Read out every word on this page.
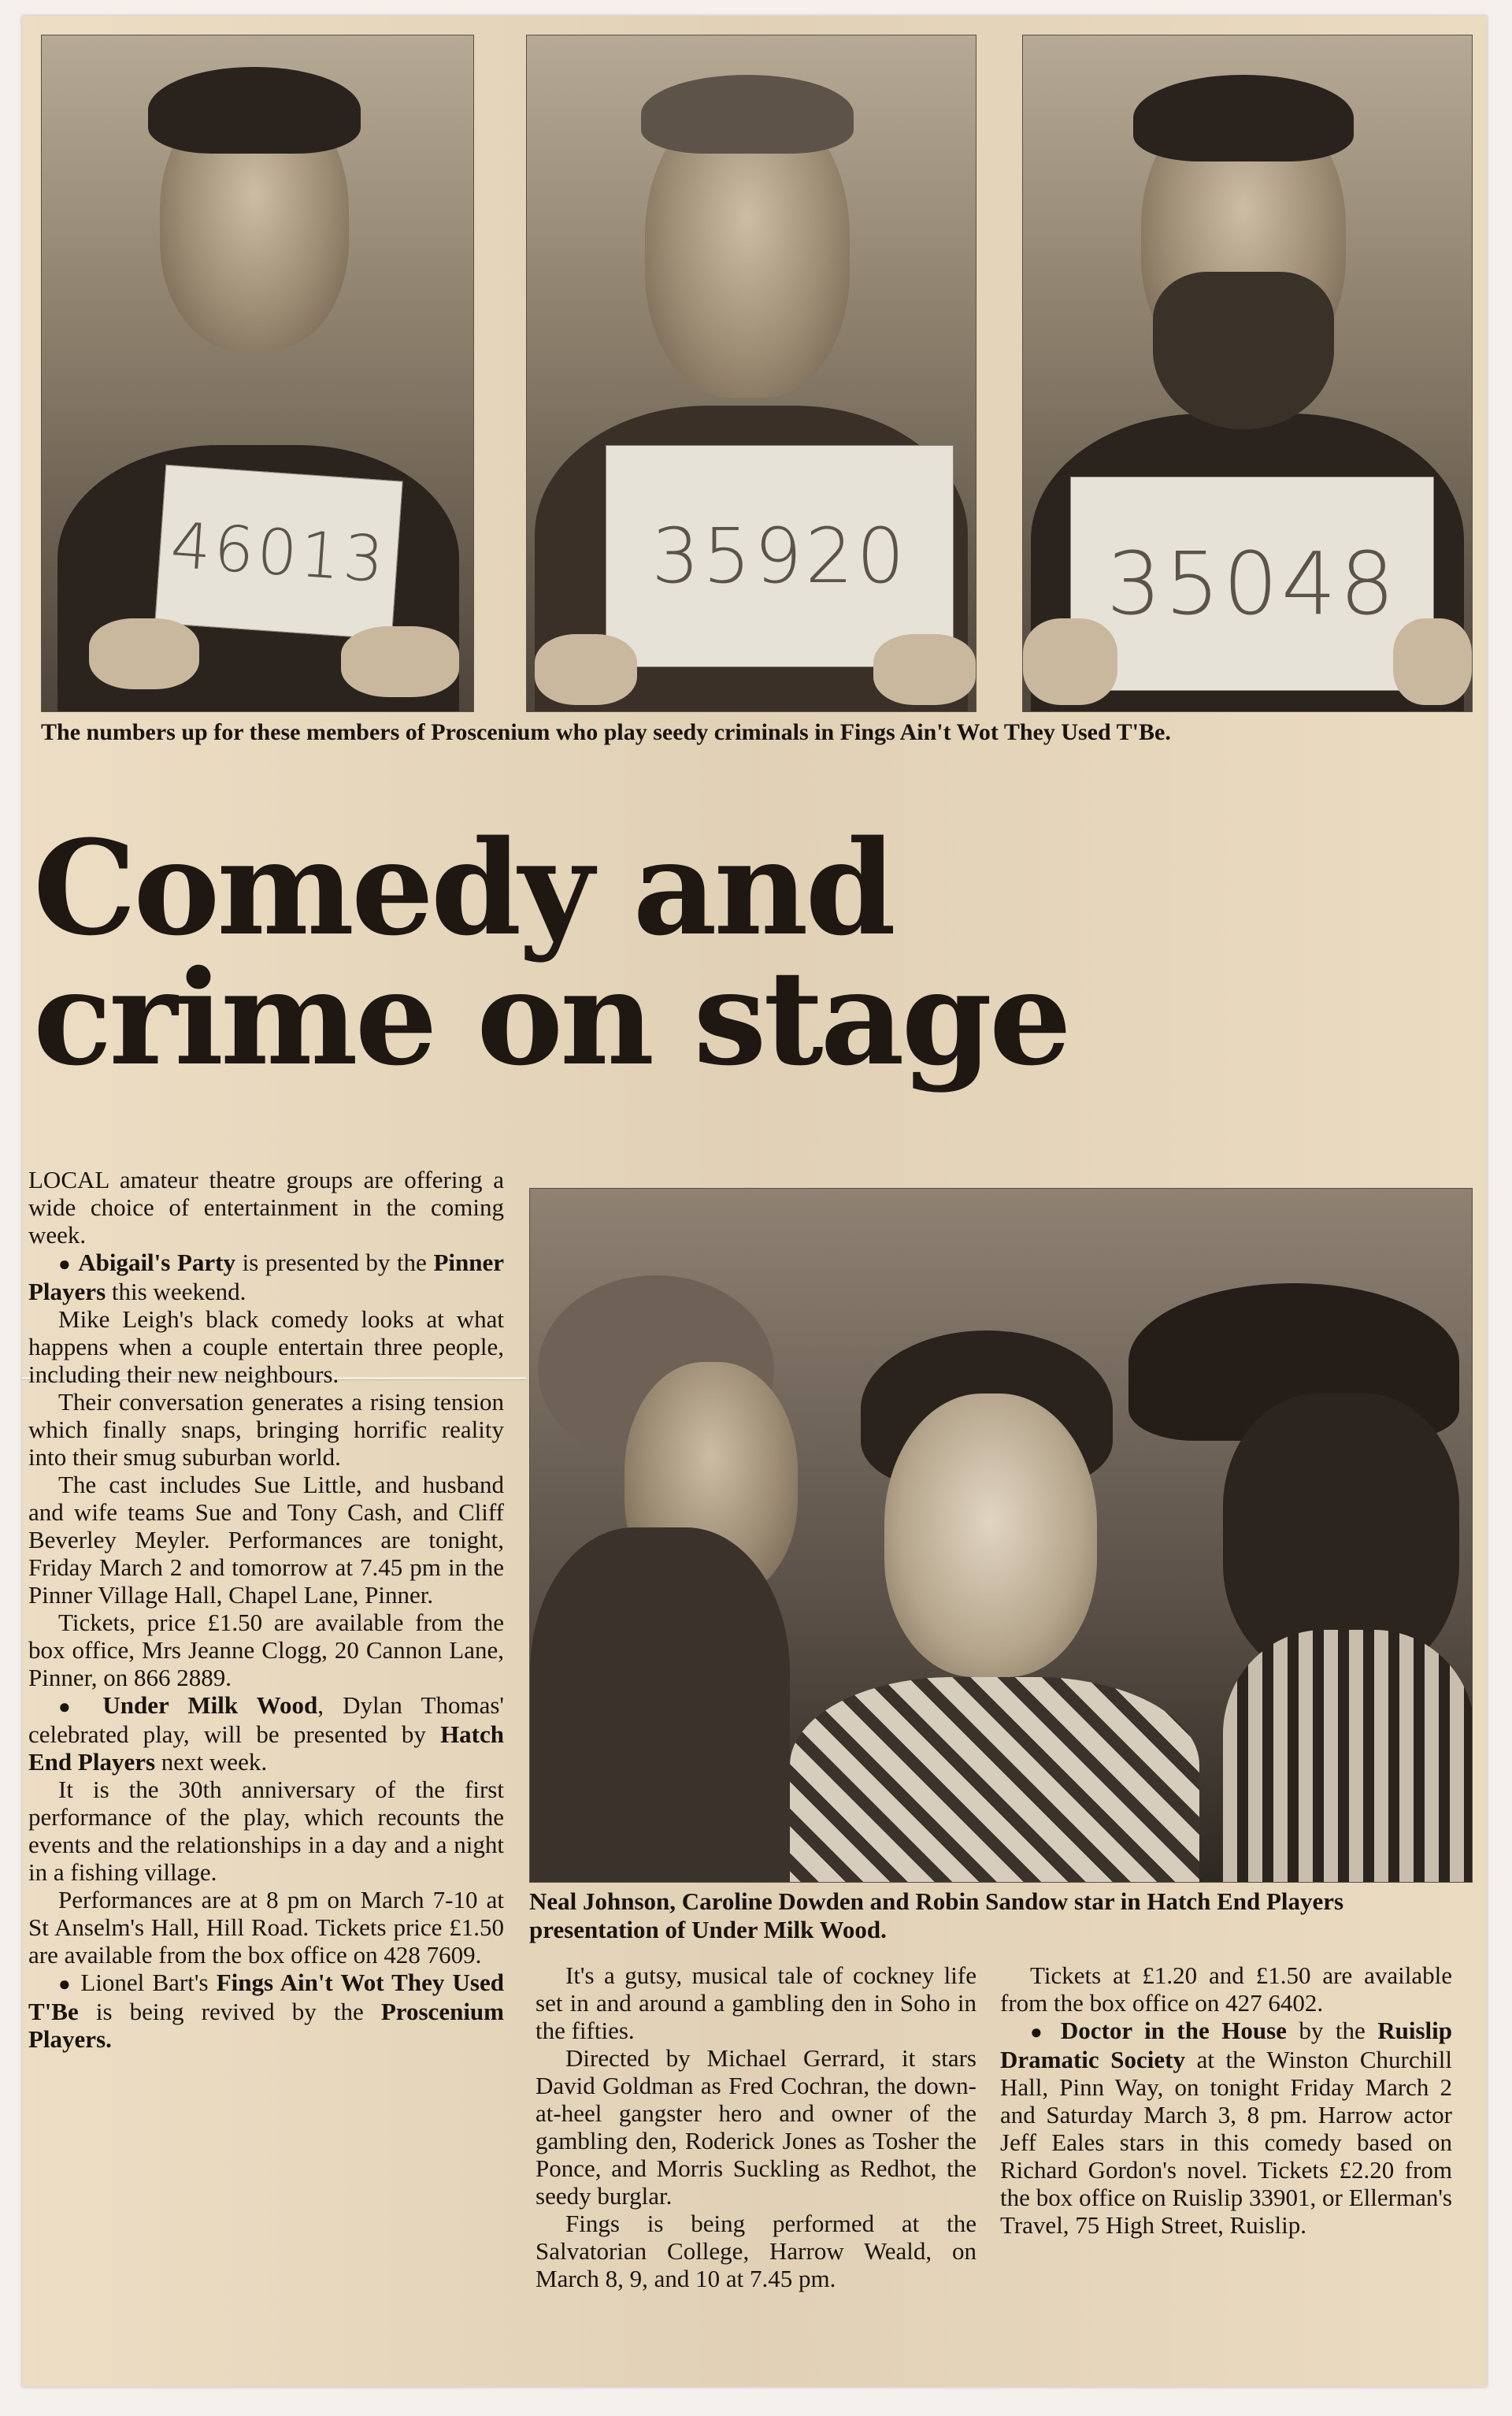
46013	35920 35048
The numbers up for these members of Proscenium who play seedy criminals in Fings Ain't Wot They Used T'Be.
Comedy and
crime on stage
Neal Johnson, Caroline Dowden and Robin Sandow star in Hatch End Players presentation of Under Milk Wood.

LOCAL amateur theatre groups are offering a wide choice of entertainment in the coming week.

● Abigail's Party is presented by the Pinner Players this weekend.

Mike Leigh's black comedy looks at what happens when a couple entertain three people, including their new neighbours.

Their conversation generates a rising tension which finally snaps, bringing horrific reality into their smug suburban world.

The cast includes Sue Little, and husband and wife teams Sue and Tony Cash, and Cliff Beverley Meyler. Performances are tonight, Friday March 2 and tomorrow at 7.45 pm in the Pinner Village Hall, Chapel Lane, Pinner.

Tickets, price £1.50 are available from the box office, Mrs Jeanne Clogg, 20 Cannon Lane, Pinner, on 866 2889.

● Under Milk Wood, Dylan Thomas' celebrated play, will be presented by Hatch End Players next week.

It is the 30th anniversary of the first performance of the play, which recounts the events and the relationships in a day and a night in a fishing village.

Performances are at 8 pm on March 7-10 at St Anselm's Hall, Hill Road. Tickets price £1.50 are available from the box office on 428 7609.

● Lionel Bart's Fings Ain't Wot They Used T'Be is being revived by the Proscenium Players.

It's a gutsy, musical tale of cockney life set in and around a gambling den in Soho in the fifties.

Directed by Michael Gerrard, it stars David Goldman as Fred Cochran, the down-at-heel gangster hero and owner of the gambling den, Roderick Jones as Tosher the Ponce, and Morris Suckling as Redhot, the seedy burglar.

Fings is being performed at the Salvatorian College, Harrow Weald, on March 8, 9, and 10 at 7.45 pm.

Tickets at £1.20 and £1.50 are available from the box office on 427 6402.

● Doctor in the House by the Ruislip Dramatic Society at the Winston Churchill Hall, Pinn Way, on tonight Friday March 2 and Saturday March 3, 8 pm. Harrow actor Jeff Eales stars in this comedy based on Richard Gordon's novel. Tickets £2.20 from the box office on Ruislip 33901, or Ellerman's Travel, 75 High Street, Ruislip.
